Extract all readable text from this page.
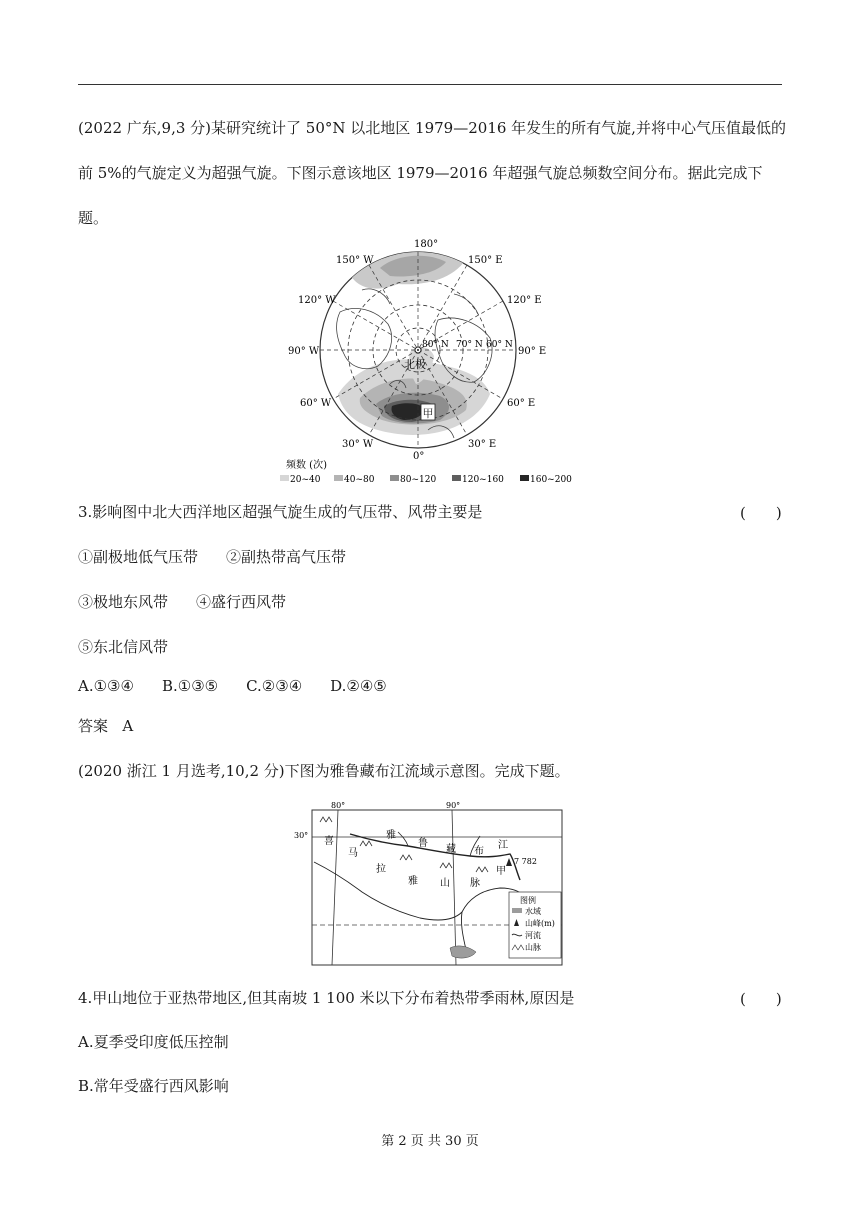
(2022 广东,9,3 分)某研究统计了 50°N 以北地区 1979—2016 年发生的所有气旋,并将中心气压值最低的
前 5%的气旋定义为超强气旋。下图示意该地区 1979—2016 年超强气旋总频数空间分布。据此完成下
题。
北极
80° N 70° N 60° N
甲
180°
150° W	150° E
120° W	120° E
90° W	90° E
60° W	60° E
30° W	30° E
0°
频数 (次)
20~40	40~80	80~120	120~160	160~200
3.影响图中北大西洋地区超强气旋生成的气压带、风带主要是	(　　)
①副极地低气压带 ②副热带高气压带
③极地东风带 ④盛行西风带
⑤东北信风带
A.①③④ B.①③⑤ C.②③④ D.②④⑤
答案 A
(2020 浙江 1 月选考,10,2 分)下图为雅鲁藏布江流域示意图。完成下题。
80°	90°
30°
喜
马
拉
雅 山 脉
雅
鲁
藏 布
江
7 782
甲
图例
水域
山峰(m)
河流
山脉
4.甲山地位于亚热带地区,但其南坡 1 100 米以下分布着热带季雨林,原因是	(　　)
A.夏季受印度低压控制
B.常年受盛行西风影响
第 2 页 共 30 页
